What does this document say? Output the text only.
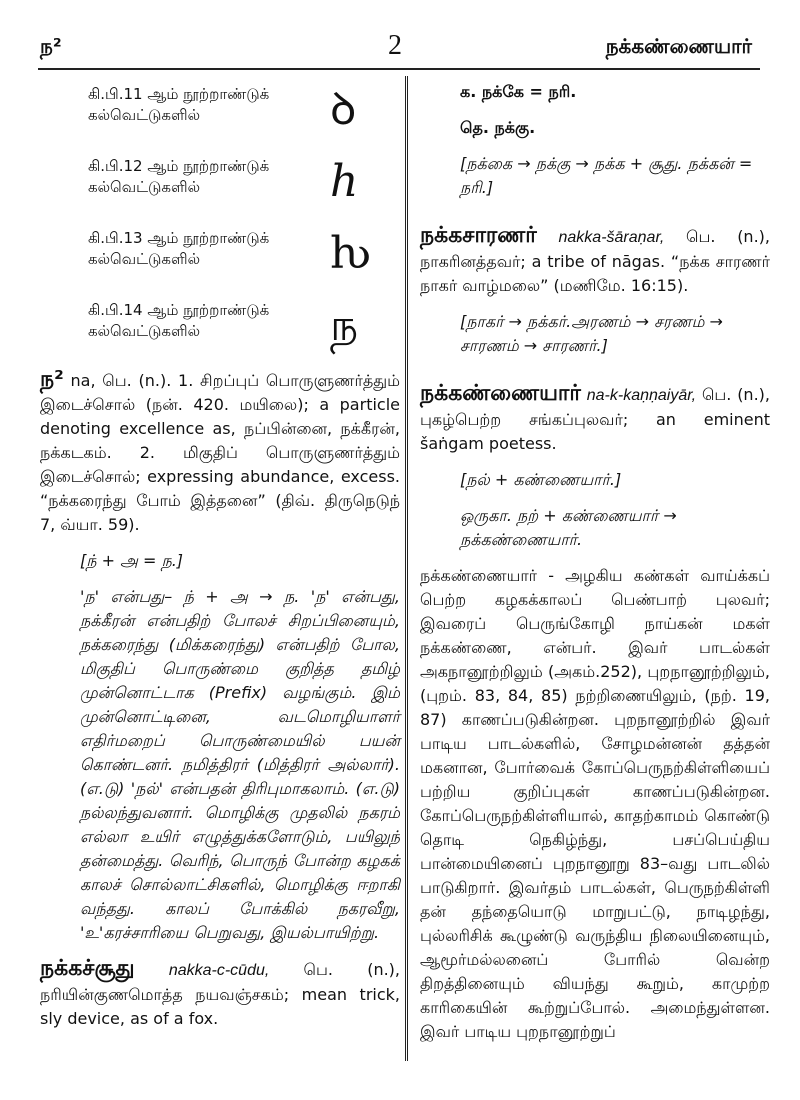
ந²	2	நக்கண்ணையார்
கி.பி.11 ஆம் நூற்றாண்டுக் கல்வெட்டுகளில்	ꝺ
கி.பி.12 ஆம் நூற்றாண்டுக் கல்வெட்டுகளில்	ℎ
கி.பி.13 ஆம் நூற்றாண்டுக் கல்வெட்டுகளில்	ƕ
கி.பி.14 ஆம் நூற்றாண்டுக் கல்வெட்டுகளில்	ந

ந² na, பெ. (n.). 1. சிறப்புப் பொருளுணர்த்தும் இடைச்சொல் (நன். 420. மயிலை); a particle denoting excellence as, நப்பின்னை, நக்கீரன், நக்கடகம். 2. மிகுதிப் பொருளுணர்த்தும் இடைச்சொல்; expressing abundance, excess. “நக்கரைந்து போம் இத்தனை” (திவ். திருநெடுந் 7, வ்யா. 59).

[ந் + அ = ந.]

'ந' என்பது– ந் + அ → ந. 'ந' என்பது, நக்கீரன் என்பதிற் போலச் சிறப்பினையும், நக்கரைந்து (மிக்கரைந்து) என்பதிற் போல, மிகுதிப் பொருண்மை குறித்த தமிழ் முன்னொட்டாக (Prefix) வழங்கும். இம் முன்னொட்டினை, வடமொழியாளர் எதிர்மறைப் பொருண்மையில் பயன் கொண்டனர். நமித்திரர் (மித்திரர் அல்லார்). (எ.டு) 'நல்' என்பதன் திரிபுமாகலாம். (எ.டு) நல்லந்துவனார். மொழிக்கு முதலில் நகரம் எல்லா உயிர் எழுத்துக்களோடும், பயிலுந் தன்மைத்து. வெரிந், பொருந் போன்ற கழகக் காலச் சொல்லாட்சிகளில், மொழிக்கு ஈறாகி வந்தது. காலப் போக்கில் நகரவீறு, 'உ'கரச்சாரியை பெறுவது, இயல்பாயிற்று.

நக்கச்சூது nakka-c-cūdu, பெ. (n.), நரியின்குணமொத்த நயவஞ்சகம்; mean trick, sly device, as of a fox.

க. நக்கே = நரி.

தெ. நக்கு.

[நக்கை → நக்கு → நக்க + சூது. நக்கன் = நரி.]

நக்கசாரணர் nakka-šāraṇar, பெ. (n.), நாகரினத்தவர்; a tribe of nāgas. “நக்க சாரணர் நாகர் வாழ்மலை” (மணிமே. 16:15).

[நாகர் → நக்கர்.அரணம் → சரணம் → சாரணம் → சாரணர்.]

நக்கண்ணையார் na-k-kaṇṇaiyār, பெ. (n.), புகழ்பெற்ற சங்கப்புலவர்; an eminent šaṅgam poetess.

[நல் + கண்ணையார்.]

ஒருகா. நற் + கண்ணையார் → நக்கண்ணையார்.

நக்கண்ணையார் - அழகிய கண்கள் வாய்க்கப் பெற்ற கழகக்காலப் பெண்பாற் புலவர்; இவரைப் பெருங்கோழி நாய்கன் மகள் நக்கண்ணை, என்பர். இவர் பாடல்கள் அகநானூற்றிலும் (அகம்.252), புறநானூற்றிலும், (புறம். 83, 84, 85) நற்றிணையிலும், (நற். 19, 87) காணப்படுகின்றன. புறநானூற்றில் இவர் பாடிய பாடல்களில், சோழமன்னன் தத்தன் மகனான, போர்வைக் கோப்பெருநற்கிள்ளியைப் பற்றிய குறிப்புகள் காணப்படுகின்றன. கோப்பெருநற்கிள்ளியால், காதற்காமம் கொண்டு தொடி நெகிழ்ந்து, பசப்பெய்திய பான்மையினைப் புறநானூறு 83–வது பாடலில் பாடுகிறார். இவர்தம் பாடல்கள், பெருநற்கிள்ளி தன் தந்தையொடு மாறுபட்டு, நாடிழந்து, புல்லரிசிக் கூழுண்டு வருந்திய நிலையினையும், ஆமூர்மல்லனைப் போரில் வென்ற திறத்தினையும் வியந்து கூறும், காமுற்ற காரிகையின் கூற்றுப்போல். அமைந்துள்ளன. இவர் பாடிய புறநானூற்றுப்
